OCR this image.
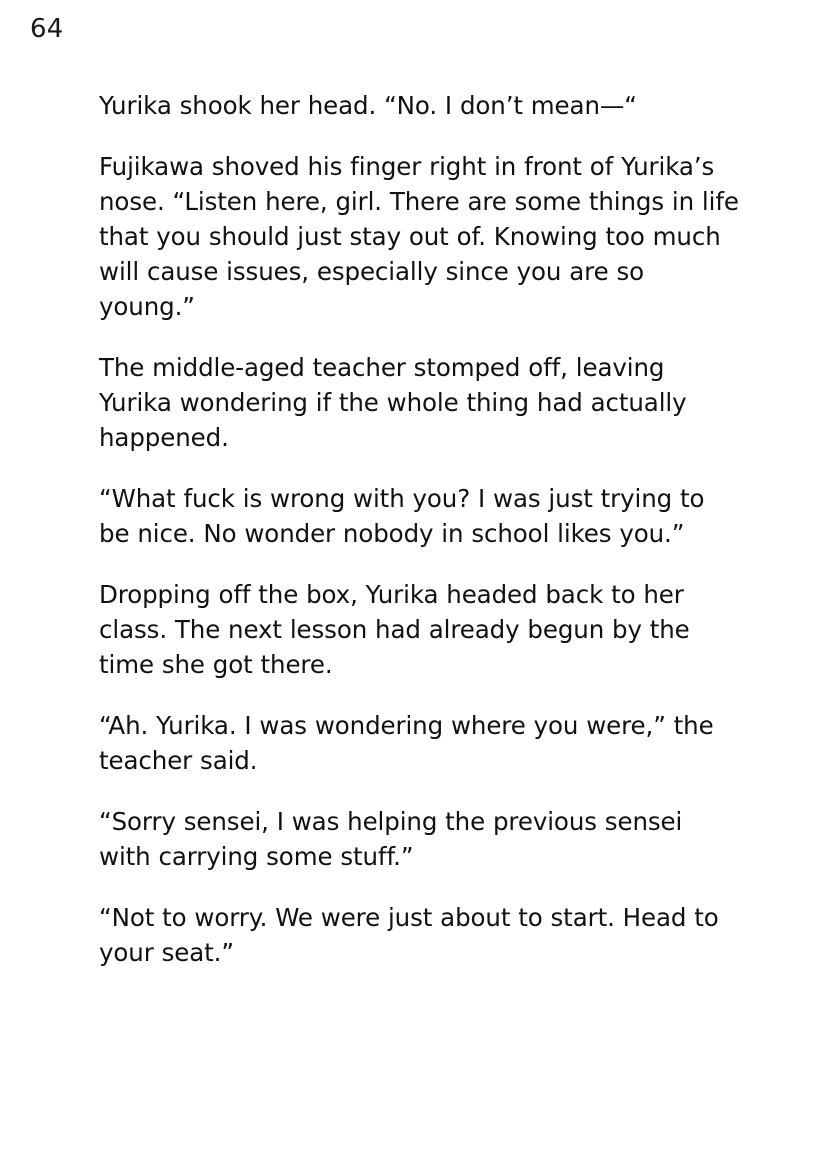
64

Yurika shook her head. “No. I don’t mean—“

Fujikawa shoved his finger right in front of Yurika’s nose. “Listen here, girl. There are some things in life that you should just stay out of. Knowing too much will cause issues, especially since you are so young.”

The middle-aged teacher stomped off, leaving Yurika wondering if the whole thing had actually happened.

“What fuck is wrong with you? I was just trying to be nice. No wonder nobody in school likes you.”

Dropping off the box, Yurika headed back to her class. The next lesson had already begun by the time she got there.

“Ah. Yurika. I was wondering where you were,” the teacher said.

“Sorry sensei, I was helping the previous sensei with carrying some stuff.”

“Not to worry. We were just about to start. Head to your seat.”
